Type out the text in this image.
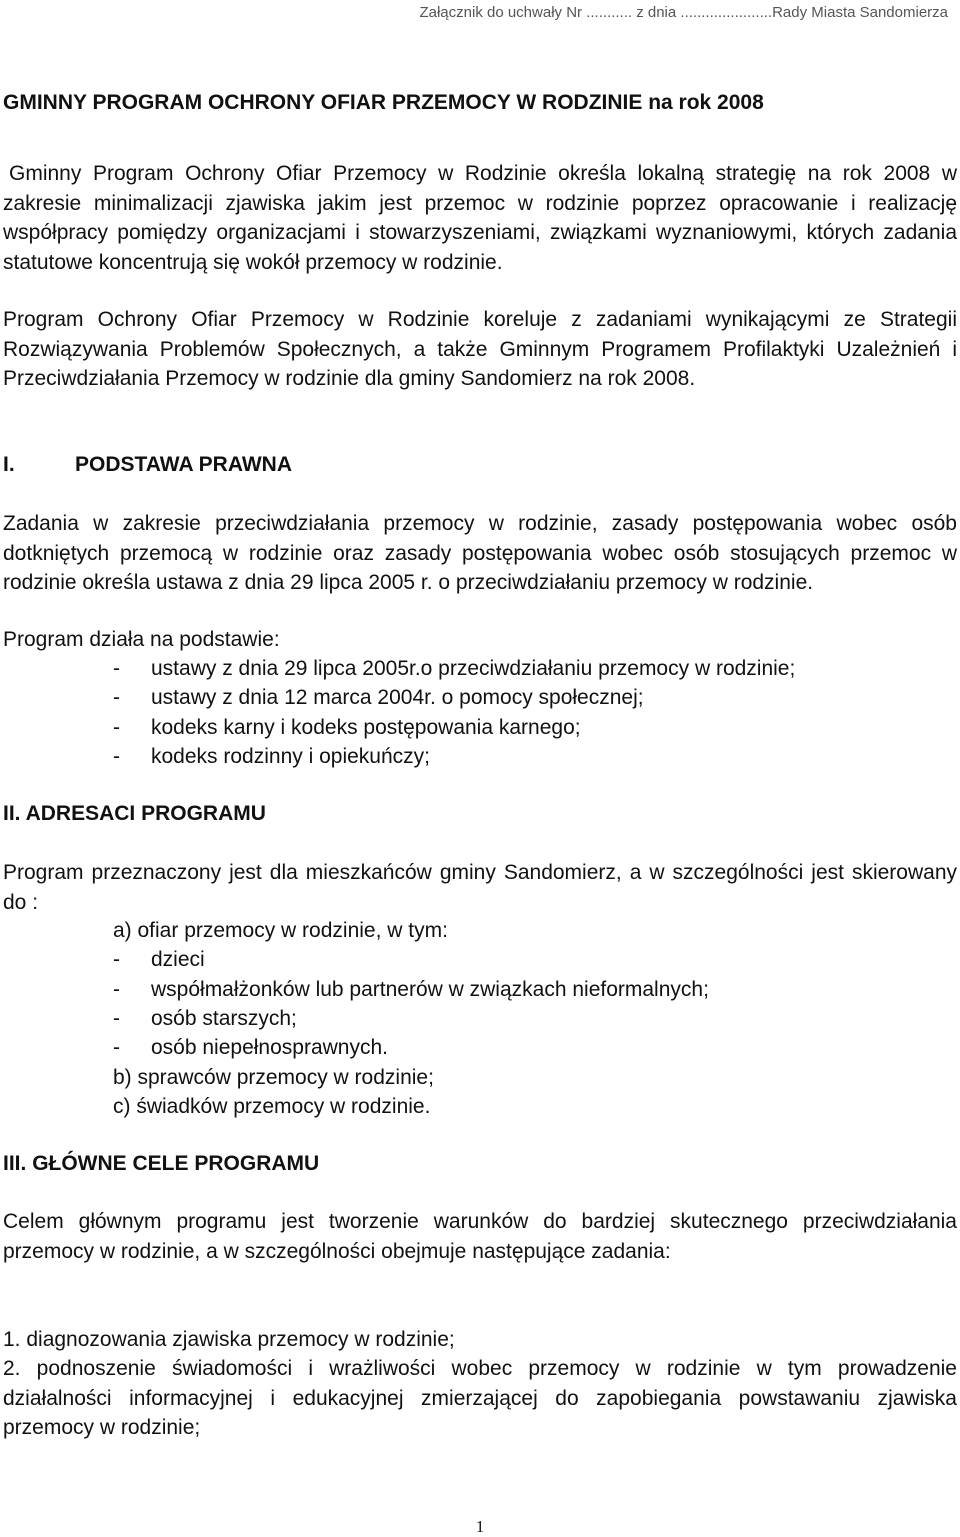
Załącznik do uchwały Nr ........... z dnia ......................Rady Miasta Sandomierza
GMINNY PROGRAM OCHRONY OFIAR PRZEMOCY W RODZINIE na rok 2008

Gminny Program Ochrony Ofiar Przemocy w Rodzinie określa lokalną strategię na rok 2008 w zakresie minimalizacji zjawiska jakim jest przemoc w rodzinie poprzez opracowanie i realizację współpracy pomiędzy organizacjami i stowarzyszeniami, związkami wyznaniowymi, których zadania statutowe koncentrują się wokół przemocy w rodzinie.

Program Ochrony Ofiar Przemocy w Rodzinie koreluje z zadaniami wynikającymi ze Strategii Rozwiązywania Problemów Społecznych, a także Gminnym Programem Profilaktyki Uzależnień i Przeciwdziałania Przemocy w rodzinie dla gminy Sandomierz na rok 2008.

I.	PODSTAWA PRAWNA

Zadania w zakresie przeciwdziałania przemocy w rodzinie, zasady postępowania wobec osób dotkniętych przemocą w rodzinie oraz zasady postępowania wobec osób stosujących przemoc w rodzinie określa ustawa z dnia 29 lipca 2005 r. o przeciwdziałaniu przemocy w rodzinie.

Program działa na podstawie:
- ustawy z dnia 29 lipca 2005r.o przeciwdziałaniu przemocy w rodzinie;
- ustawy z dnia 12 marca 2004r. o pomocy społecznej;
- kodeks karny i kodeks postępowania karnego;
- kodeks rodzinny i opiekuńczy;
II. ADRESACI PROGRAMU

Program przeznaczony jest dla mieszkańców gminy Sandomierz, a w szczególności jest skierowany do :

a) ofiar przemocy w rodzinie, w tym:
- dzieci
- współmałżonków lub partnerów w związkach nieformalnych;
- osób starszych;
- osób niepełnosprawnych.
b) sprawców przemocy w rodzinie;
c) świadków przemocy w rodzinie.
III. GŁÓWNE CELE PROGRAMU

Celem głównym programu jest tworzenie warunków do bardziej skutecznego przeciwdziałania przemocy w rodzinie, a w szczególności obejmuje następujące zadania:

1. diagnozowania zjawiska przemocy w rodzinie;

2. podnoszenie świadomości i wrażliwości wobec przemocy w rodzinie w tym prowadzenie działalności informacyjnej i edukacyjnej zmierzającej do zapobiegania powstawaniu zjawiska przemocy w rodzinie;

1
